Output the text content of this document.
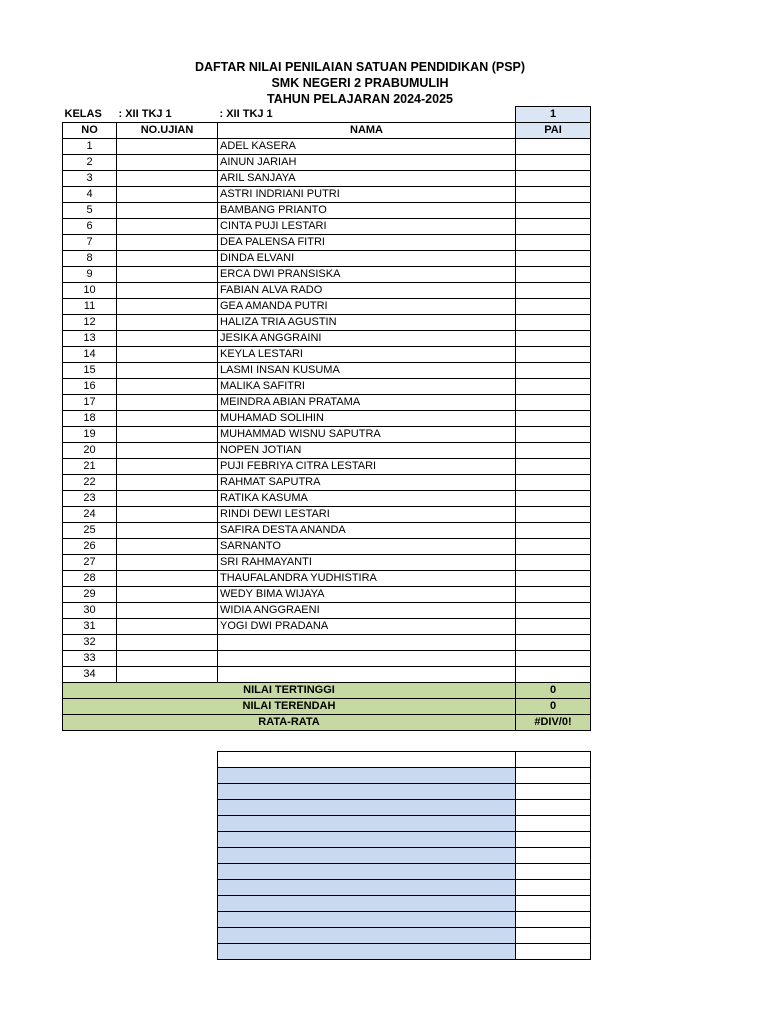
DAFTAR NILAI PENILAIAN SATUAN PENDIDIKAN (PSP)
SMK NEGERI 2 PRABUMULIH
TAHUN PELAJARAN 2024-2025
KELAS	: XII TKJ 1	: XII TKJ 1	1
NO	NO.UJIAN	NAMA	PAI
1		ADEL KASERA	
2		AINUN JARIAH	
3		ARIL SANJAYA	
4		ASTRI INDRIANI PUTRI	
5		BAMBANG PRIANTO	
6		CINTA PUJI LESTARI	
7		DEA PALENSA FITRI	
8		DINDA ELVANI	
9		ERCA DWI PRANSISKA	
10		FABIAN ALVA RADO	
11		GEA AMANDA PUTRI	
12		HALIZA TRIA AGUSTIN	
13		JESIKA ANGGRAINI	
14		KEYLA LESTARI	
15		LASMI INSAN KUSUMA	
16		MALIKA SAFITRI	
17		MEINDRA ABIAN PRATAMA	
18		MUHAMAD SOLIHIN	
19		MUHAMMAD WISNU SAPUTRA	
20		NOPEN JOTIAN	
21		PUJI FEBRIYA CITRA LESTARI	
22		RAHMAT SAPUTRA	
23		RATIKA KASUMA	
24		RINDI DEWI LESTARI	
25		SAFIRA DESTA ANANDA	
26		SARNANTO	
27		SRI RAHMAYANTI	
28		THAUFALANDRA YUDHISTIRA	
29		WEDY BIMA WIJAYA	
30		WIDIA ANGGRAENI	
31		YOGI DWI PRADANA	
32			
33			
34			
NILAI TERTINGGI			0
NILAI TERENDAH			0
RATA-RATA			#DIV/0!
